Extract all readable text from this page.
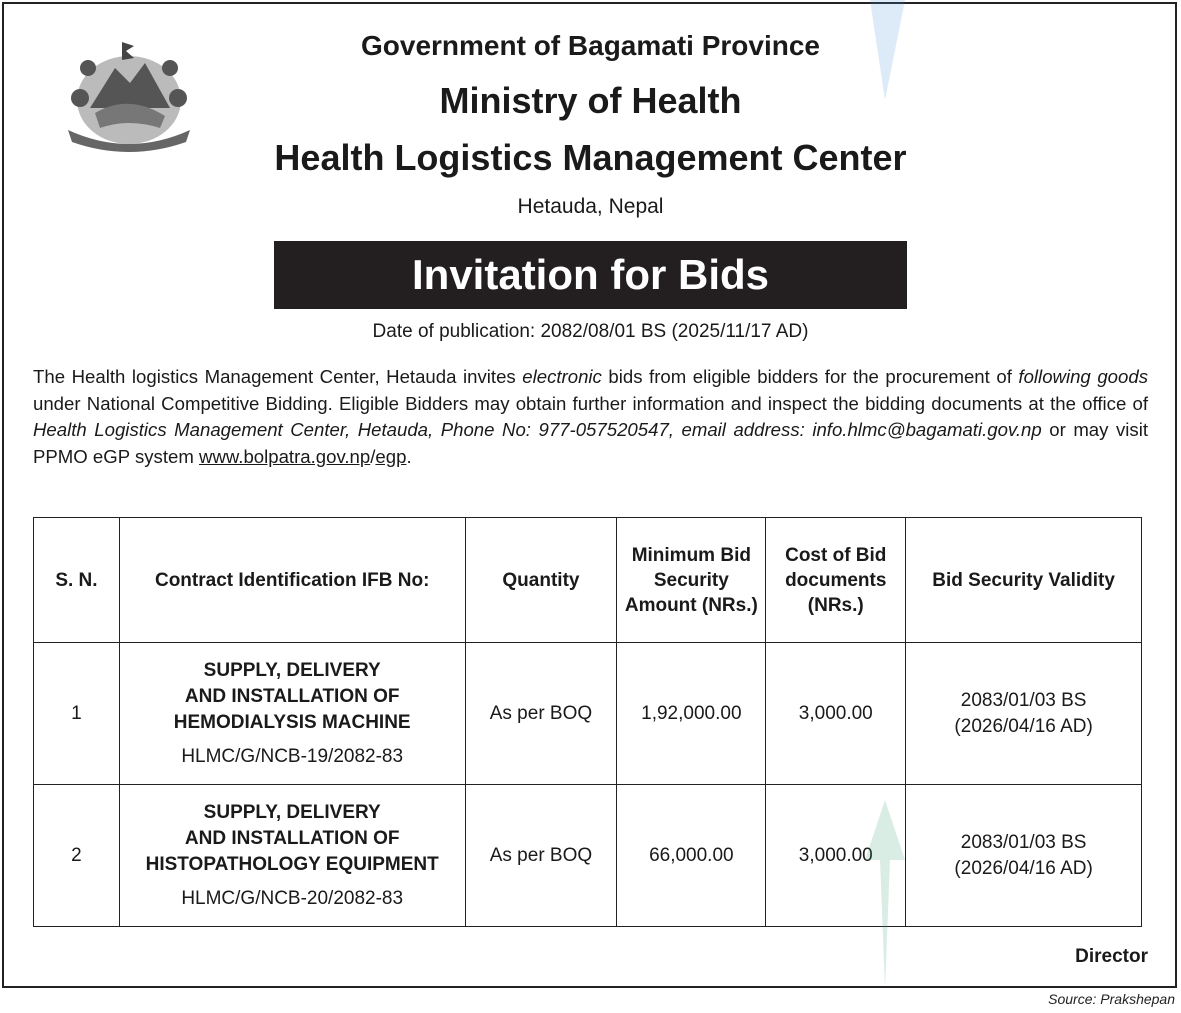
Government of Bagamati Province
Ministry of Health
Health Logistics Management Center
Hetauda, Nepal
Invitation for Bids
Date of publication: 2082/08/01 BS (2025/11/17 AD)
The Health logistics Management Center, Hetauda invites electronic bids from eligible bidders for the procurement of following goods under National Competitive Bidding. Eligible Bidders may obtain further information and inspect the bidding documents at the office of Health Logistics Management Center, Hetauda, Phone No: 977-057520547, email address: info.hlmc@bagamati.gov.np or may visit PPMO eGP system www.bolpatra.gov.np/egp.
S. N.	Contract Identification IFB No:	Quantity	Minimum Bid Security Amount (NRs.)	Cost of Bid documents (NRs.)	Bid Security Validity
1	SUPPLY, DELIVERY
AND INSTALLATION OF
HEMODIALYSIS MACHINE
HLMC/G/NCB-19/2082-83	As per BOQ	1,92,000.00	3,000.00	2083/01/03 BS
(2026/04/16 AD)
2	SUPPLY, DELIVERY
AND INSTALLATION OF
HISTOPATHOLOGY EQUIPMENT
HLMC/G/NCB-20/2082-83	As per BOQ	66,000.00	3,000.00	2083/01/03 BS
(2026/04/16 AD)
Director
Source: Prakshepan
